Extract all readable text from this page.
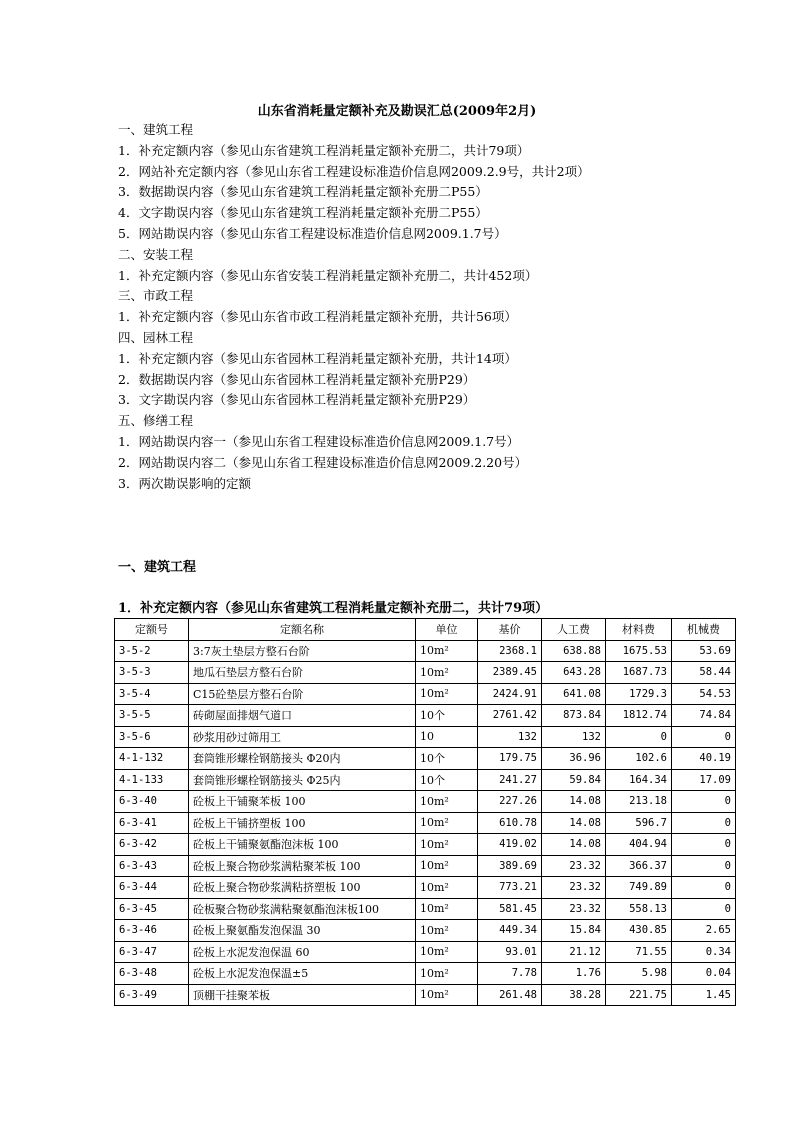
山东省消耗量定额补充及勘误汇总(2009年2月)
一、建筑工程
1．补充定额内容（参见山东省建筑工程消耗量定额补充册二，共计79项）
2．网站补充定额内容（参见山东省工程建设标准造价信息网2009.2.9号，共计2项）
3．数据勘误内容（参见山东省建筑工程消耗量定额补充册二P55）
4．文字勘误内容（参见山东省建筑工程消耗量定额补充册二P55）
5．网站勘误内容（参见山东省工程建设标准造价信息网2009.1.7号）
二、安装工程
1．补充定额内容（参见山东省安装工程消耗量定额补充册二，共计452项）
三、市政工程
1．补充定额内容（参见山东省市政工程消耗量定额补充册，共计56项）
四、园林工程
1．补充定额内容（参见山东省园林工程消耗量定额补充册，共计14项）
2．数据勘误内容（参见山东省园林工程消耗量定额补充册P29）
3．文字勘误内容（参见山东省园林工程消耗量定额补充册P29）
五、修缮工程
1．网站勘误内容一（参见山东省工程建设标准造价信息网2009.1.7号）
2．网站勘误内容二（参见山东省工程建设标准造价信息网2009.2.20号）
3．两次勘误影响的定额
一、建筑工程
1．补充定额内容（参见山东省建筑工程消耗量定额补充册二，共计79项）
定额号	定额名称	单位	基价	人工费	材料费	机械费
3-5-2	3:7灰土垫层方整石台阶	10m²	2368.1	638.88	1675.53	53.69
3-5-3	地瓜石垫层方整石台阶	10m²	2389.45	643.28	1687.73	58.44
3-5-4	C15砼垫层方整石台阶	10m²	2424.91	641.08	1729.3	54.53
3-5-5	砖砌屋面排烟气道口	10个	2761.42	873.84	1812.74	74.84
3-5-6	砂浆用砂过筛用工	10	132	132	0	0
4-1-132	套筒锥形螺栓钢筋接头 Φ20内	10个	179.75	36.96	102.6	40.19
4-1-133	套筒锥形螺栓钢筋接头 Φ25内	10个	241.27	59.84	164.34	17.09
6-3-40	砼板上干铺聚苯板 100	10m²	227.26	14.08	213.18	0
6-3-41	砼板上干铺挤塑板 100	10m²	610.78	14.08	596.7	0
6-3-42	砼板上干铺聚氨酯泡沫板 100	10m²	419.02	14.08	404.94	0
6-3-43	砼板上聚合物砂浆满粘聚苯板 100	10m²	389.69	23.32	366.37	0
6-3-44	砼板上聚合物砂浆满粘挤塑板 100	10m²	773.21	23.32	749.89	0
6-3-45	砼板聚合物砂浆满粘聚氨酯泡沫板100	10m²	581.45	23.32	558.13	0
6-3-46	砼板上聚氨酯发泡保温 30	10m²	449.34	15.84	430.85	2.65
6-3-47	砼板上水泥发泡保温 60	10m²	93.01	21.12	71.55	0.34
6-3-48	砼板上水泥发泡保温±5	10m²	7.78	1.76	5.98	0.04
6-3-49	顶棚干挂聚苯板	10m²	261.48	38.28	221.75	1.45
